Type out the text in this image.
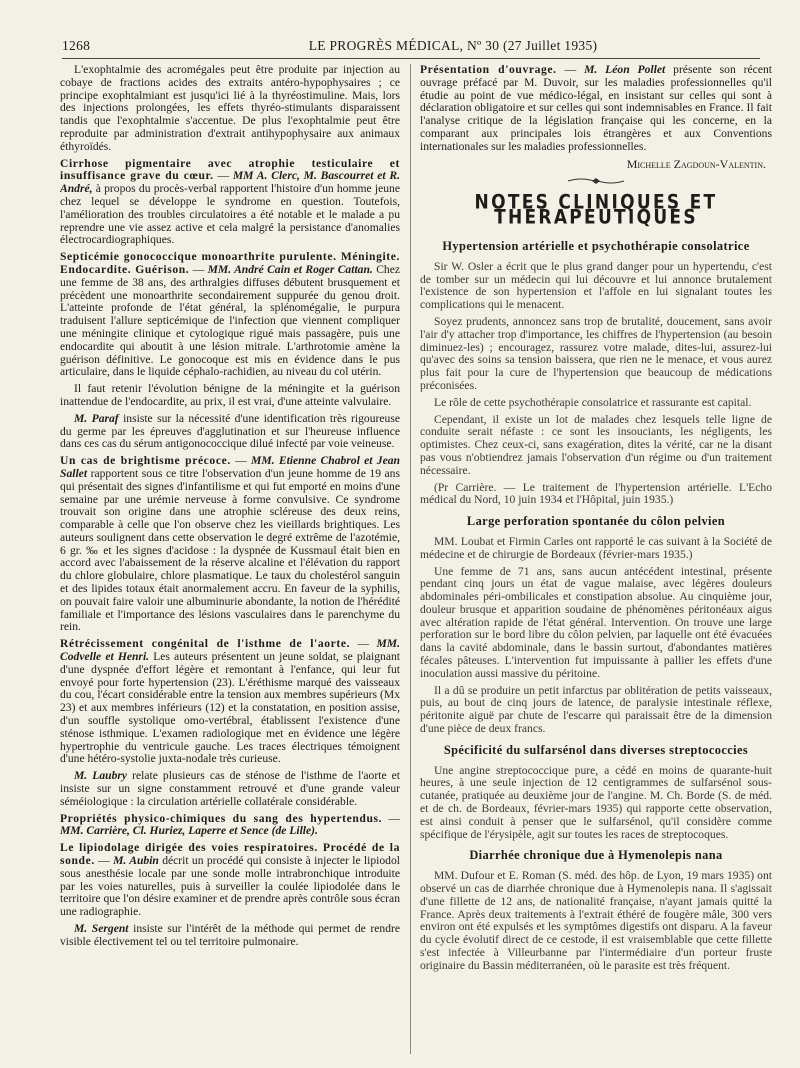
1268	LE PROGRÈS MÉDICAL, Nº 30 (27 Juillet 1935)

L'exophtalmie des acromégales peut être produite par injection au cobaye de fractions acides des extraits antéro-hypophysaires ; ce principe exophtalmiant est jusqu'ici lié à la thyréostimuline. Mais, lors des injections prolongées, les effets thyréo-stimulants disparaissent tandis que l'exophtalmie s'accentue. De plus l'exophtalmie peut être reproduite par administration d'extrait antihypophysaire aux animaux éthyroïdés.

Cirrhose pigmentaire avec atrophie testiculaire et insuffisance grave du cœur. — MM A. Clerc, M. Bascourret et R. André, à propos du procès-verbal rapportent l'histoire d'un homme jeune chez lequel se développe le syndrome en question. Toutefois, l'amélioration des troubles circulatoires a été notable et le malade a pu reprendre une vie assez active et cela malgré la persistance d'anomalies électrocardiographiques.

Septicémie gonococcique monoarthrite purulente. Méningite. Endocardite. Guérison. — MM. André Cain et Roger Cattan. Chez une femme de 38 ans, des arthralgies diffuses débutent brusquement et précèdent une monoarthrite secondairement suppurée du genou droit. L'atteinte profonde de l'état général, la splénomégalie, le purpura traduisent l'allure septicémique de l'infection que viennent compliquer une méningite clinique et cytologique rigué mais passagère, puis une endocardite qui aboutit à une lésion mitrale. L'arthrotomie amène la guérison définitive. Le gonocoque est mis en évidence dans le pus articulaire, dans le liquide céphalo-rachidien, au niveau du col utérin.

Il faut retenir l'évolution bénigne de la méningite et la guérison inattendue de l'endocardite, au prix, il est vrai, d'une atteinte valvulaire.

M. Paraf insiste sur la nécessité d'une identification très rigoureuse du germe par les épreuves d'agglutination et sur l'heureuse influence dans ces cas du sérum antigonococcique dilué infecté par voie veineuse.

Un cas de brightisme précoce. — MM. Etienne Chabrol et Jean Sallet rapportent sous ce titre l'observation d'un jeune homme de 19 ans qui présentait des signes d'infantilisme et qui fut emporté en moins d'une semaine par une urémie nerveuse à forme convulsive. Ce syndrome trouvait son origine dans une atrophie scléreuse des deux reins, comparable à celle que l'on observe chez les vieillards brightiques. Les auteurs soulignent dans cette observation le degré extrême de l'azotémie, 6 gr. ‰ et les signes d'acidose : la dyspnée de Kussmaul était bien en accord avec l'abaissement de la réserve alcaline et l'élévation du rapport du chlore globulaire, chlore plasmatique. Le taux du cholestérol sanguin et des lipides totaux était anormalement accru. En faveur de la syphilis, on pouvait faire valoir une albuminurie abondante, la notion de l'hérédité familiale et l'importance des lésions vasculaires dans le parenchyme du rein.

Rétrécissement congénital de l'isthme de l'aorte. — MM. Codvelle et Henri. Les auteurs présentent un jeune soldat, se plaignant d'une dyspnée d'effort légère et remontant à l'enfance, qui leur fut envoyé pour forte hypertension (23). L'éréthisme marqué des vaisseaux du cou, l'écart considérable entre la tension aux membres supérieurs (Mx 23) et aux membres inférieurs (12) et la constatation, en position assise, d'un souffle systolique omo-vertébral, établissent l'existence d'une sténose isthmique. L'examen radiologique met en évidence une légère hypertrophie du ventricule gauche. Les traces électriques témoignent d'une hétéro-systolie juxta-nodale très curieuse.

M. Laubry relate plusieurs cas de sténose de l'isthme de l'aorte et insiste sur un signe constamment retrouvé et d'une grande valeur séméiologique : la circulation artérielle collatérale considérable.

Propriétés physico-chimiques du sang des hypertendus. — MM. Carrière, Cl. Huriez, Laperre et Sence (de Lille).

Le lipiodolage dirigée des voies respiratoires. Procédé de la sonde. — M. Aubin décrit un procédé qui consiste à injecter le lipiodol sous anesthésie locale par une sonde molle intrabronchique introduite par les voies naturelles, puis à surveiller la coulée lipiodolée dans le territoire que l'on désire examiner et de prendre après contrôle sous écran une radiographie.

M. Sergent insiste sur l'intérêt de la méthode qui permet de rendre visible électivement tel ou tel territoire pulmonaire.

Présentation d'ouvrage. — M. Léon Pollet présente son récent ouvrage préfacé par M. Duvoir, sur les maladies professionnelles qu'il étudie au point de vue médico-légal, en insistant sur celles qui sont à déclaration obligatoire et sur celles qui sont indemnisables en France. Il fait l'analyse critique de la législation française qui les concerne, en la comparant aux principales lois étrangères et aux Conventions internationales sur les maladies professionnelles.

Michelle Zagdoun-Valentin.
NOTES CLINIQUES ET THÉRAPEUTIQUES
Hypertension artérielle et psychothérapie consolatrice

Sir W. Osler a écrit que le plus grand danger pour un hypertendu, c'est de tomber sur un médecin qui lui découvre et lui annonce brutalement l'existence de son hypertension et l'affole en lui signalant toutes les complications qui le menacent.

Soyez prudents, annoncez sans trop de brutalité, doucement, sans avoir l'air d'y attacher trop d'importance, les chiffres de l'hypertension (au besoin diminuez-les) ; encouragez, rassurez votre malade, dites-lui, assurez-lui qu'avec des soins sa tension baissera, que rien ne le menace, et vous aurez plus fait pour la cure de l'hypertension que beaucoup de médications préconisées.

Le rôle de cette psychothérapie consolatrice et rassurante est capital.

Cependant, il existe un lot de malades chez lesquels telle ligne de conduite serait néfaste : ce sont les insouciants, les négligents, les optimistes. Chez ceux-ci, sans exagération, dites la vérité, car ne la disant pas vous n'obtiendrez jamais l'observation d'un régime ou d'un traitement nécessaire.

(Pr Carrière. — Le traitement de l'hypertension artérielle. L'Echo médical du Nord, 10 juin 1934 et l'Hôpital, juin 1935.)

Large perforation spontanée du côlon pelvien

MM. Loubat et Firmin Carles ont rapporté le cas suivant à la Société de médecine et de chirurgie de Bordeaux (février-mars 1935.)

Une femme de 71 ans, sans aucun antécédent intestinal, présente pendant cinq jours un état de vague malaise, avec légères douleurs abdominales péri-ombilicales et constipation absolue. Au cinquième jour, douleur brusque et apparition soudaine de phénomènes péritonéaux aigus avec altération rapide de l'état général. Intervention. On trouve une large perforation sur le bord libre du côlon pelvien, par laquelle ont été évacuées dans la cavité abdominale, dans le bassin surtout, d'abondantes matières fécales pâteuses. L'intervention fut impuissante à pallier les effets d'une inoculation aussi massive du péritoine.

Il a dû se produire un petit infarctus par oblitération de petits vaisseaux, puis, au bout de cinq jours de latence, de paralysie intestinale réflexe, péritonite aiguë par chute de l'escarre qui paraissait être de la dimension d'une pièce de deux francs.

Spécificité du sulfarsénol dans diverses streptococcies

Une angine streptococcique pure, a cédé en moins de quarante-huit heures, à une seule injection de 12 centigrammes de sulfarsénol sous-cutanée, pratiquée au deuxième jour de l'angine. M. Ch. Borde (S. de méd. et de ch. de Bordeaux, février-mars 1935) qui rapporte cette observation, est ainsi conduit à penser que le sulfarsénol, qu'il considère comme spécifique de l'érysipèle, agit sur toutes les races de streptocoques.

Diarrhée chronique due à Hymenolepis nana

MM. Dufour et E. Roman (S. méd. des hôp. de Lyon, 19 mars 1935) ont observé un cas de diarrhée chronique due à Hymenolepis nana. Il s'agissait d'une fillette de 12 ans, de nationalité française, n'ayant jamais quitté la France. Après deux traitements à l'extrait éthéré de fougère mâle, 300 vers environ ont été expulsés et les symptômes digestifs ont disparu. A la faveur du cycle évolutif direct de ce cestode, il est vraisemblable que cette fillette s'est infectée à Villeurbanne par l'intermédiaire d'un porteur fruste originaire du Bassin méditerranéen, où le parasite est très fréquent.
